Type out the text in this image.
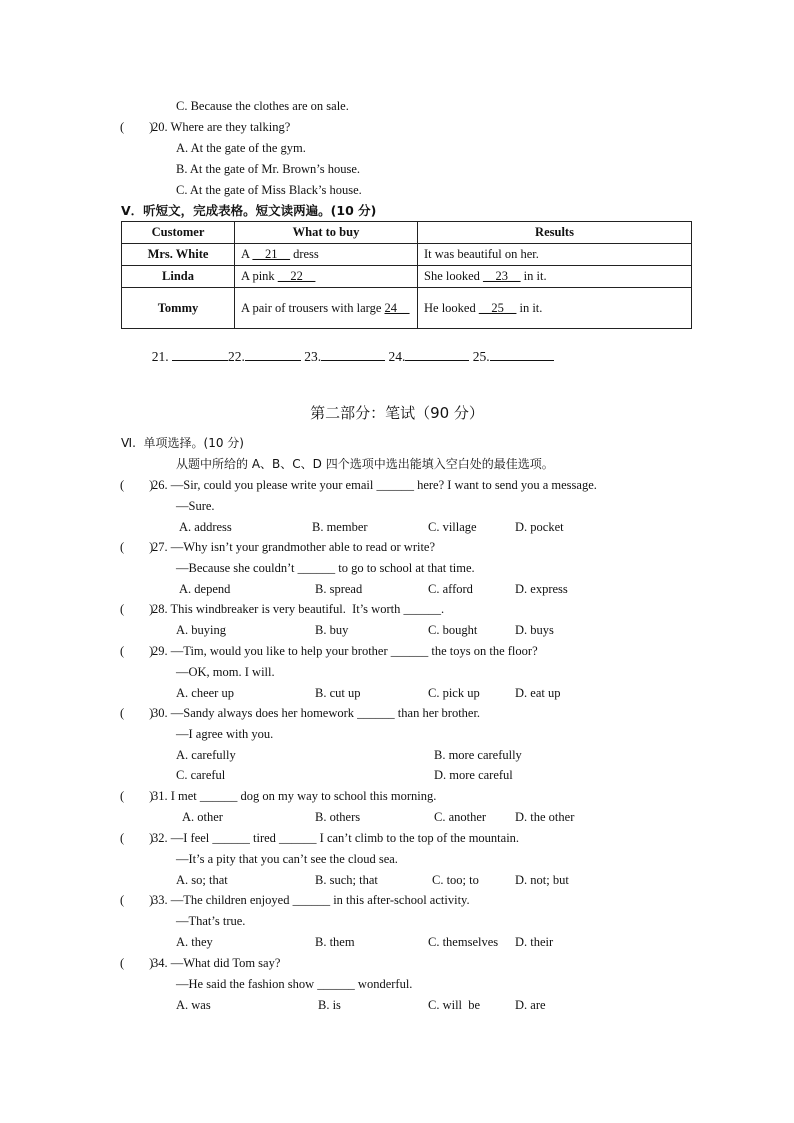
C. Because the clothes are on sale.
(        )
20. Where are they talking?
A. At the gate of the gym.
B. At the gate of Mr. Brown’s house.
C. At the gate of Miss Black’s house.
V．听短文，完成表格。短文读两遍。(10 分)
Customer	What to buy	Results
Mrs. White	A __21__ dress	It was beautiful on her.
Linda	A pink __22__	She looked __23__ in it.
Tommy	A pair of trousers with large 24__	He looked __25__ in it.

21.	22.	23.	24.	25.

第二部分：笔试（90 分）
Ⅵ.  单项选择。(10 分)
从题中所给的 A、B、C、D 四个选项中选出能填入空白处的最佳选项。
(        )
26. —Sir, could you please write your email ______ here? I want to send you a message.
—Sure.
A. address	B. member	C. village	D. pocket
(        )
27. —Why isn’t your grandmother able to read or write?
—Because she couldn’t ______ to go to school at that time.
A. depend	B. spread	C. afford	D. express
(        )
28. This windbreaker is very beautiful.  It’s worth ______.
A. buying	B. buy	C. bought	D. buys
(        )
29. —Tim, would you like to help your brother ______ the toys on the floor?
—OK, mom. I will.
A. cheer up	B. cut up	C. pick up	D. eat up
(        )
30. —Sandy always does her homework ______ than her brother.
—I agree with you.
A. carefully	B. more carefully
C. careful	D. more careful
(        )
31. I met ______ dog on my way to school this morning.
A. other	B. others	C. another D. the other
(        )
32. —I feel ______ tired ______ I can’t climb to the top of the mountain.
—It’s a pity that you can’t see the cloud sea.
A. so; that	B. such; that	C. too; to	D. not; but
(        )
33. —The children enjoyed ______ in this after-school activity.
—That’s true.
A. they	B. them	C. themselves D. their
(        )
34. —What did Tom say?
—He said the fashion show ______ wonderful.
A. was	B. is	C. will  be	D. are
